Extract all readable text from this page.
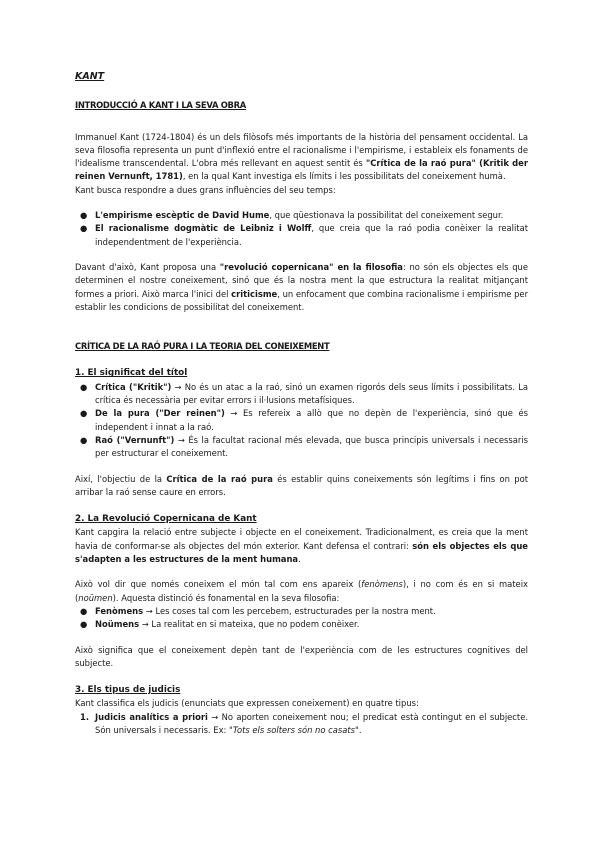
KANT
INTRODUCCIÓ A KANT I LA SEVA OBRA

Immanuel Kant (1724-1804) és un dels filòsofs més importants de la història del pensament occidental. La seva filosofia representa un punt d'inflexió entre el racionalisme i l'empirisme, i estableix els fonaments de l'idealisme transcendental. L'obra més rellevant en aquest sentit és "Crítica de la raó pura" (Kritik der reinen Vernunft, 1781), en la qual Kant investiga els límits i les possibilitats del coneixement humà.

Kant busca respondre a dues grans influències del seu temps:

● L'empirisme escèptic de David Hume, que qüestionava la possibilitat del coneixement segur.
● El racionalisme dogmàtic de Leibniz i Wolff, que creia que la raó podia conèixer la realitat independentment de l'experiència.

Davant d'això, Kant proposa una "revolució copernicana" en la filosofia: no són els objectes els que determinen el nostre coneixement, sinó que és la nostra ment la que estructura la realitat mitjançant formes a priori. Això marca l'inici del criticisme, un enfocament que combina racionalisme i empirisme per establir les condicions de possibilitat del coneixement.

CRÍTICA DE LA RAÓ PURA I LA TEORIA DEL CONEIXEMENT
1. El significat del títol
● Crítica ("Kritik") → No és un atac a la raó, sinó un examen rigorós dels seus límits i possibilitats. La crítica és necessària per evitar errors i il·lusions metafísiques.
● De la pura ("Der reinen") → Es refereix a allò que no depèn de l'experiència, sinó que és independent i innat a la raó.
● Raó ("Vernunft") → És la facultat racional més elevada, que busca principis universals i necessaris per estructurar el coneixement.

Així, l'objectiu de la Crítica de la raó pura és establir quins coneixements són legítims i fins on pot arribar la raó sense caure en errors.

2. La Revolució Copernicana de Kant

Kant capgira la relació entre subjecte i objecte en el coneixement. Tradicionalment, es creia que la ment havia de conformar-se als objectes del món exterior. Kant defensa el contrari: són els objectes els que s'adapten a les estructures de la ment humana.

Això vol dir que només coneixem el món tal com ens apareix (fenòmens), i no com és en si mateix (noümen). Aquesta distinció és fonamental en la seva filosofia:

● Fenòmens → Les coses tal com les percebem, estructurades per la nostra ment.
● Noümens → La realitat en si mateixa, que no podem conèixer.

Això significa que el coneixement depèn tant de l'experiència com de les estructures cognitives del subjecte.

3. Els tipus de judicis

Kant classifica els judicis (enunciats que expressen coneixement) en quatre tipus:

1. Judicis analítics a priori → No aporten coneixement nou; el predicat està contingut en el subjecte. Són universals i necessaris. Ex: "Tots els solters són no casats".
